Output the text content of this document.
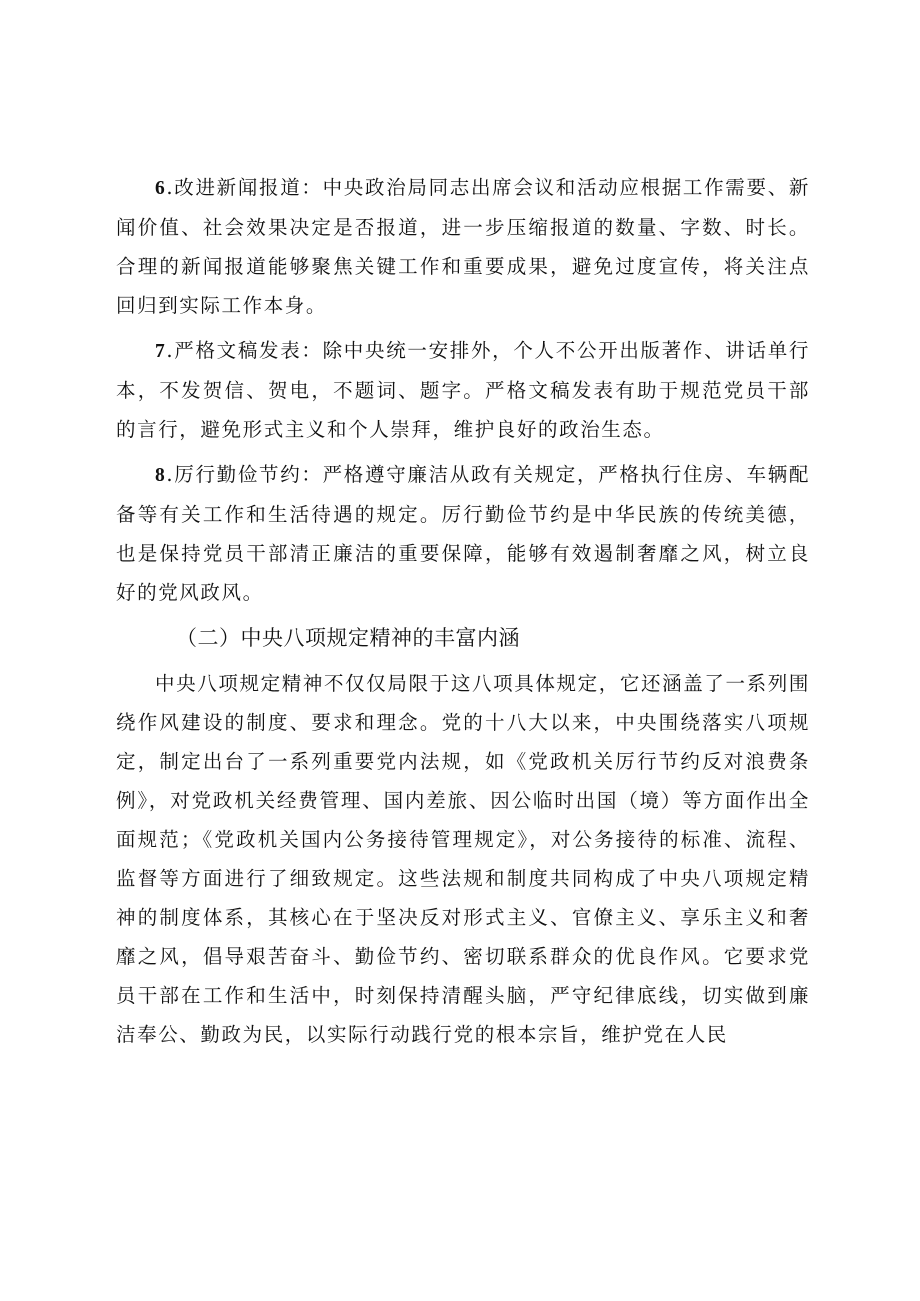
6.改进新闻报道：中央政治局同志出席会议和活动应根据工作需要、新闻价值、社会效果决定是否报道，进一步压缩报道的数量、字数、时长。合理的新闻报道能够聚焦关键工作和重要成果，避免过度宣传，将关注点回归到实际工作本身。

7.严格文稿发表：除中央统一安排外，个人不公开出版著作、讲话单行本，不发贺信、贺电，不题词、题字。严格文稿发表有助于规范党员干部的言行，避免形式主义和个人崇拜，维护良好的政治生态。

8.厉行勤俭节约：严格遵守廉洁从政有关规定，严格执行住房、车辆配备等有关工作和生活待遇的规定。厉行勤俭节约是中华民族的传统美德，也是保持党员干部清正廉洁的重要保障，能够有效遏制奢靡之风，树立良好的党风政风。

（二）中央八项规定精神的丰富内涵

中央八项规定精神不仅仅局限于这八项具体规定，它还涵盖了一系列围绕作风建设的制度、要求和理念。党的十八大以来，中央围绕落实八项规定，制定出台了一系列重要党内法规，如《党政机关厉行节约反对浪费条例》，对党政机关经费管理、国内差旅、因公临时出国（境）等方面作出全面规范；《党政机关国内公务接待管理规定》，对公务接待的标准、流程、监督等方面进行了细致规定。这些法规和制度共同构成了中央八项规定精神的制度体系，其核心在于坚决反对形式主义、官僚主义、享乐主义和奢靡之风，倡导艰苦奋斗、勤俭节约、密切联系群众的优良作风。它要求党员干部在工作和生活中，时刻保持清醒头脑，严守纪律底线，切实做到廉洁奉公、勤政为民，以实际行动践行党的根本宗旨，维护党在人民
